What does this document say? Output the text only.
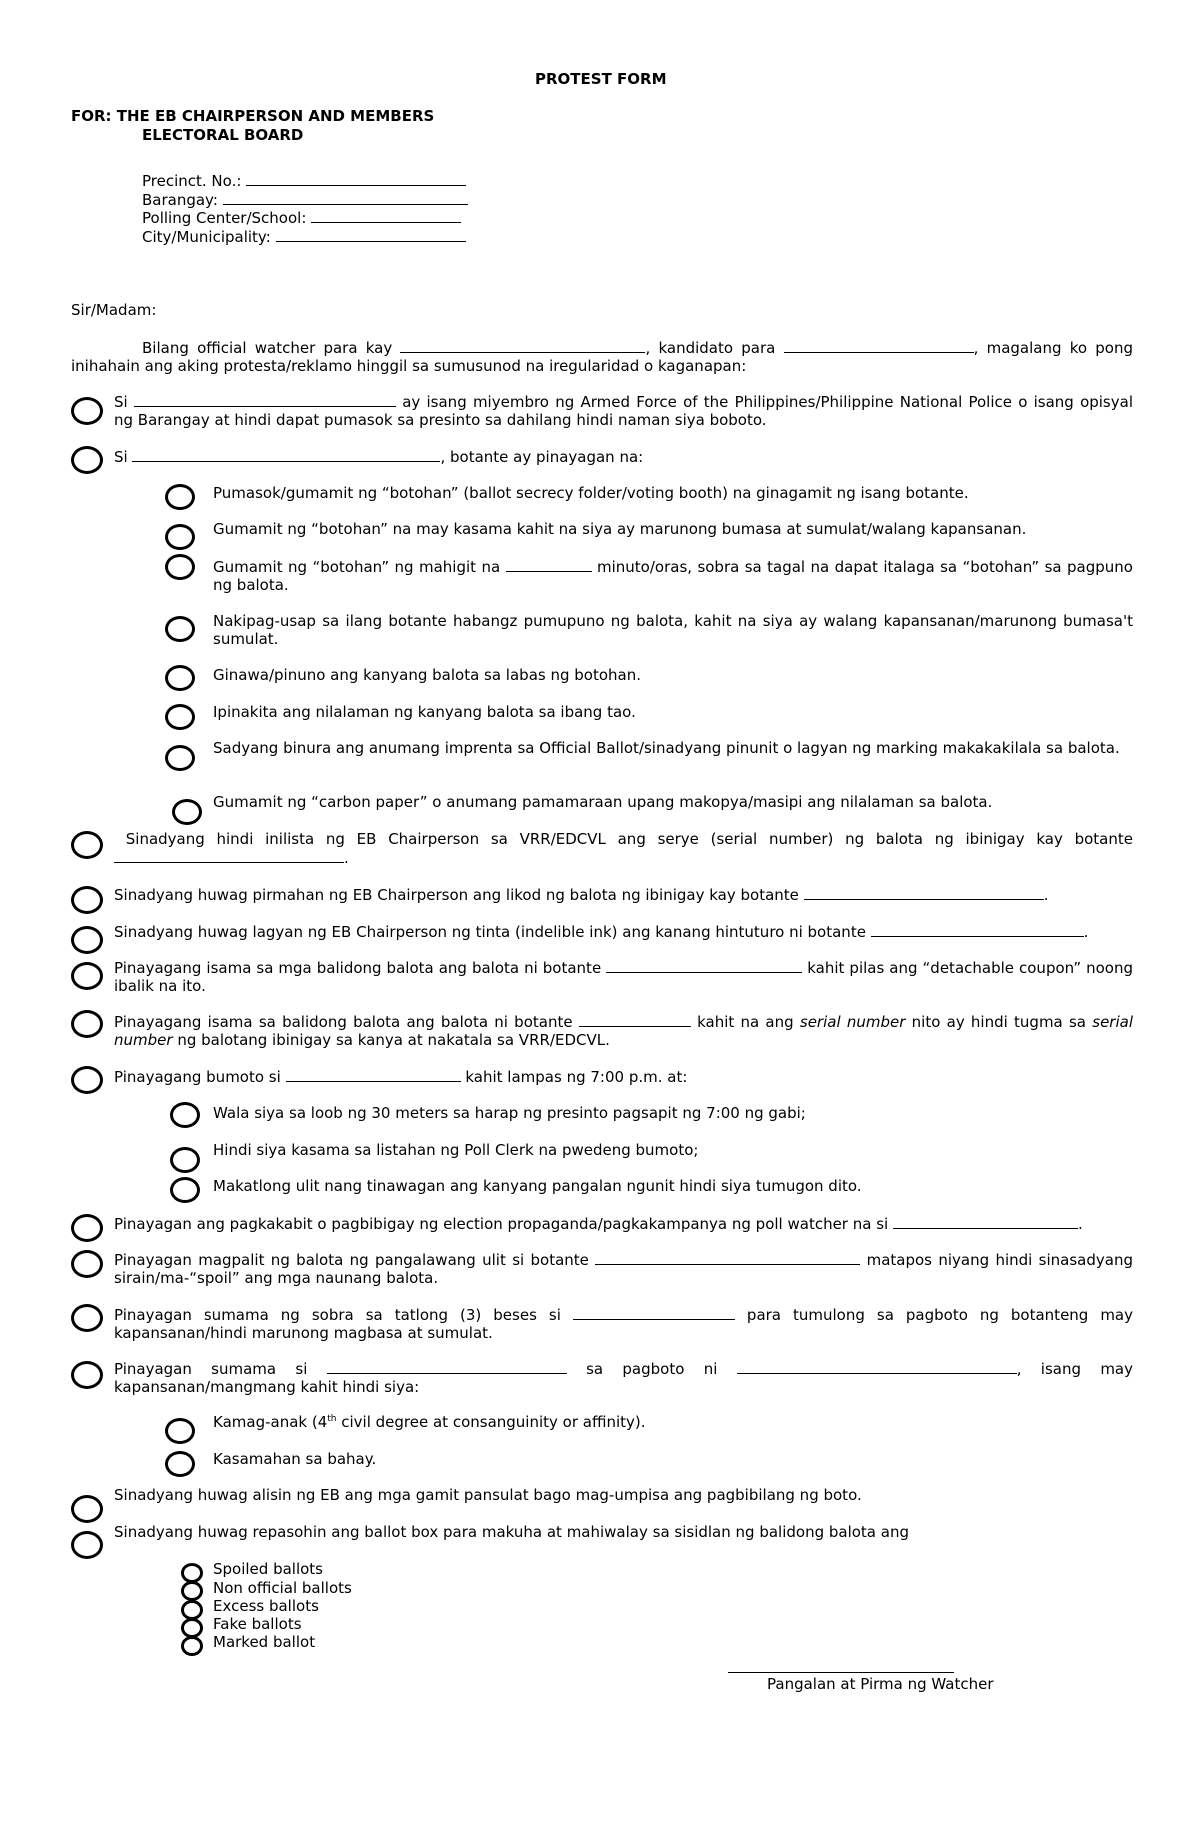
PROTEST FORM
FOR: THE EB CHAIRPERSON AND MEMBERS
ELECTORAL BOARD
Precinct. No.:
Barangay:
Polling Center/School:
City/Municipality:
Sir/Madam:
Bilang official watcher para kay	, kandidato para	, magalang ko pong inihahain ang aking protesta/reklamo hinggil sa sumusunod na iregularidad o kaganapan:
Si	ay isang miyembro ng Armed Force of the Philippines/Philippine National Police o isang opisyal ng Barangay at hindi dapat pumasok sa presinto sa dahilang hindi naman siya boboto.
Si	, botante ay pinayagan na:
Pumasok/gumamit ng “botohan” (ballot secrecy folder/voting booth) na ginagamit ng isang botante.
Gumamit ng “botohan” na may kasama kahit na siya ay marunong bumasa at sumulat/walang kapansanan.
Gumamit ng “botohan” ng mahigit na	minuto/oras, sobra sa tagal na dapat italaga sa “botohan” sa pagpuno ng balota.
Nakipag-usap sa ilang botante habangz pumupuno ng balota, kahit na siya ay walang kapansanan/marunong bumasa't sumulat.
Ginawa/pinuno ang kanyang balota sa labas ng botohan.
Ipinakita ang nilalaman ng kanyang balota sa ibang tao.
Sadyang binura ang anumang imprenta sa Official Ballot/sinadyang pinunit o lagyan ng marking makakakilala sa balota.
Gumamit ng “carbon paper” o anumang pamamaraan upang makopya/masipi ang nilalaman sa balota.
Sinadyang hindi inilista ng EB Chairperson sa VRR/EDCVL ang serye (serial number) ng balota ng ibinigay kay botante .
Sinadyang huwag pirmahan ng EB Chairperson ang likod ng balota ng ibinigay kay botante	.
Sinadyang huwag lagyan ng EB Chairperson ng tinta (indelible ink) ang kanang hintuturo ni botante	.
Pinayagang isama sa mga balidong balota ang balota ni botante	kahit pilas ang “detachable coupon” noong ibalik na ito.
Pinayagang isama sa balidong balota ang balota ni botante	kahit na ang serial number nito ay hindi tugma sa serial number ng balotang ibinigay sa kanya at nakatala sa VRR/EDCVL.
Pinayagang bumoto si	kahit lampas ng 7:00 p.m. at:
Wala siya sa loob ng 30 meters sa harap ng presinto pagsapit ng 7:00 ng gabi;
Hindi siya kasama sa listahan ng Poll Clerk na pwedeng bumoto;
Makatlong ulit nang tinawagan ang kanyang pangalan ngunit hindi siya tumugon dito.
Pinayagan ang pagkakabit o pagbibigay ng election propaganda/pagkakampanya ng poll watcher na si	.
Pinayagan magpalit ng balota ng pangalawang ulit si botante	matapos niyang hindi sinasadyang sirain/ma-“spoil” ang mga naunang balota.
Pinayagan sumama ng sobra sa tatlong (3) beses si	para tumulong sa pagboto ng botanteng may kapansanan/hindi marunong magbasa at sumulat.
Pinayagan sumama si	sa pagboto ni	, isang may kapansanan/mangmang kahit hindi siya:
Kamag-anak (4th civil degree at consanguinity or affinity).
Kasamahan sa bahay.
Sinadyang huwag alisin ng EB ang mga gamit pansulat bago mag-umpisa ang pagbibilang ng boto.
Sinadyang huwag repasohin ang ballot box para makuha at mahiwalay sa sisidlan ng balidong balota ang
Spoiled ballots
Non official ballots
Excess ballots
Fake ballots
Marked ballot
Pangalan at Pirma ng Watcher
